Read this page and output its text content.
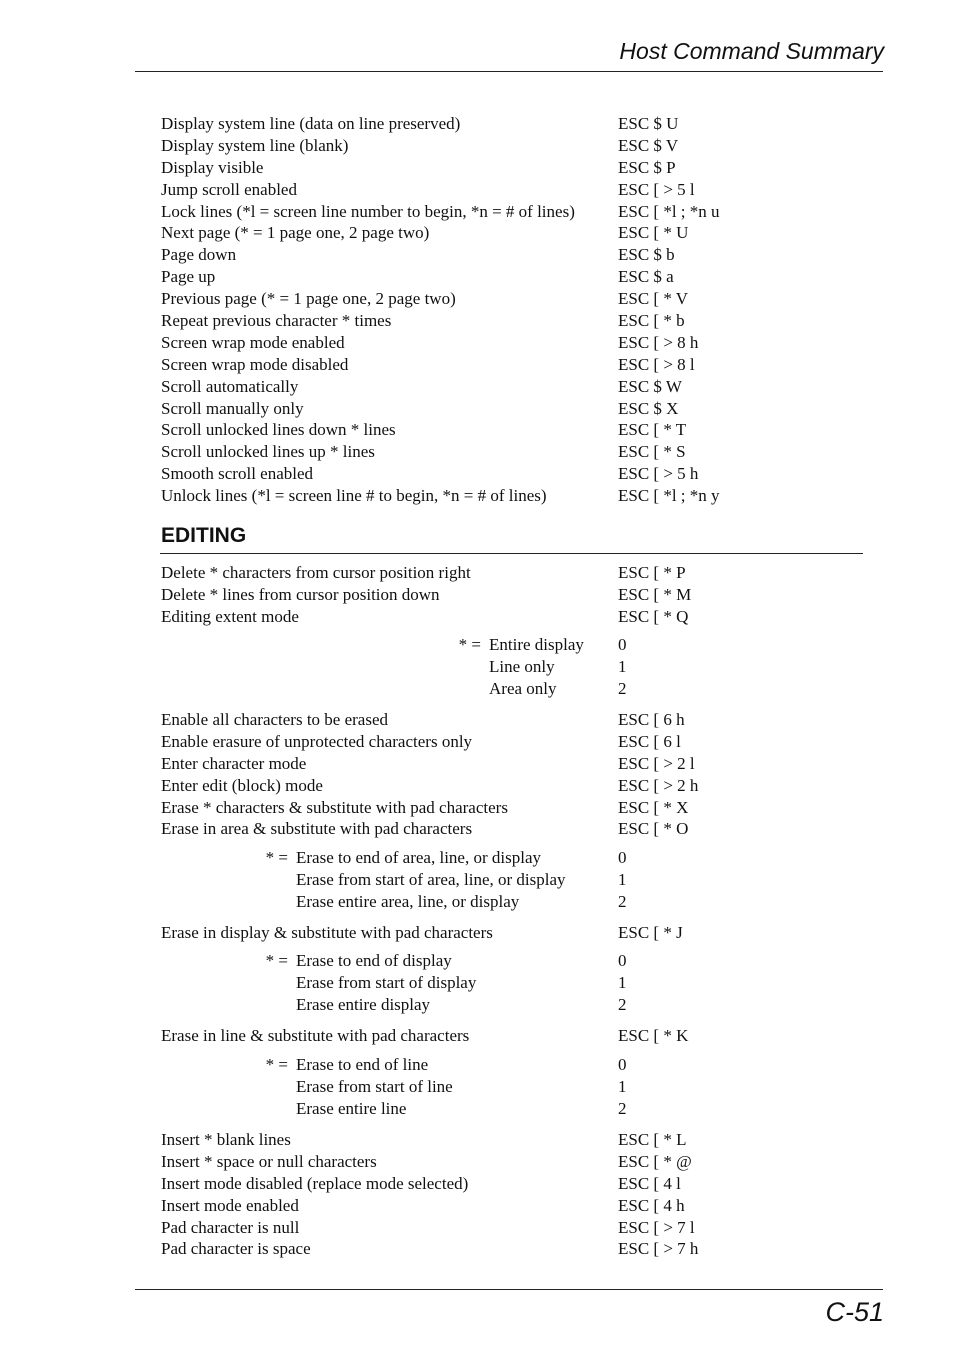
Host Command Summary
Display system line (data on line preserved)	ESC $ U
Display system line (blank)	ESC $ V
Display visible	ESC $ P
Jump scroll enabled	ESC [ > 5 l
Lock lines (*l = screen line number to begin, *n = # of lines)	ESC [ *l ; *n u
Next page (* = 1 page one, 2 page two)	ESC [ * U
Page down	ESC $ b
Page up	ESC $ a
Previous page (* = 1 page one, 2 page two)	ESC [ * V
Repeat previous character * times	ESC [ * b
Screen wrap mode enabled	ESC [ > 8 h
Screen wrap mode disabled	ESC [ > 8 l
Scroll automatically	ESC $ W
Scroll manually only	ESC $ X
Scroll unlocked lines down * lines	ESC [ * T
Scroll unlocked lines up * lines	ESC [ * S
Smooth scroll enabled	ESC [ > 5 h
Unlock lines (*l = screen line # to begin, *n = # of lines)	ESC [ *l ; *n y
EDITING
Delete * characters from cursor position right	ESC [ * P
Delete * lines from cursor position down	ESC [ * M
Editing extent mode	ESC [ * Q
* = Entire display 0
Line only	1
Area only	2
Enable all characters to be erased	ESC [ 6 h
Enable erasure of unprotected characters only	ESC [ 6 l
Enter character mode	ESC [ > 2 l
Enter edit (block) mode	ESC [ > 2 h
Erase * characters & substitute with pad characters	ESC [ * X
Erase in area & substitute with pad characters	ESC [ * O
* = Erase to end of area, line, or display	0
Erase from start of area, line, or display	1
Erase entire area, line, or display	2
Erase in display & substitute with pad characters	ESC [ * J
* = Erase to end of display	0
Erase from start of display	1
Erase entire display	2
Erase in line & substitute with pad characters	ESC [ * K
* = Erase to end of line	0
Erase from start of line	1
Erase entire line	2
Insert * blank lines	ESC [ * L
Insert * space or null characters	ESC [ * @
Insert mode disabled (replace mode selected)	ESC [ 4 l
Insert mode enabled	ESC [ 4 h
Pad character is null	ESC [ > 7 l
Pad character is space	ESC [ > 7 h
C-51
